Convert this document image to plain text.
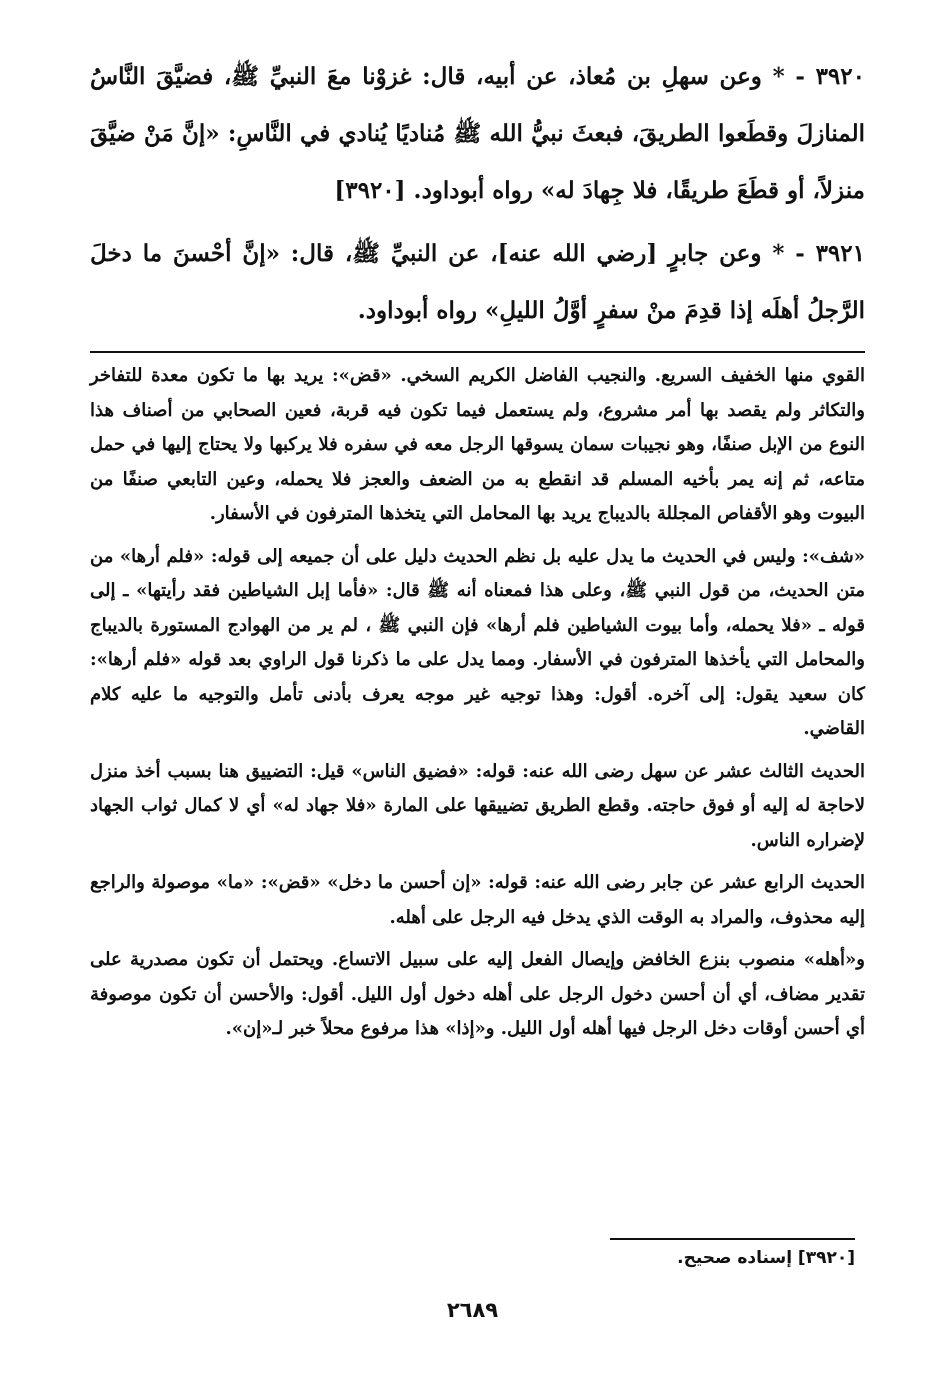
٣٩٢٠ - * وعن سهلِ بن مُعاذ، عن أبيه، قال: غزوْنا معَ النبيِّ ﷺ، فضيَّقَ النَّاسُ المنازلَ وقطَعوا الطريقَ، فبعثَ نبيُّ الله ﷺ مُناديًا يُنادي في النَّاسِ: «إنَّ مَنْ ضيَّقَ منزلاً، أو قطَعَ طريقًا، فلا جِهادَ له» رواه أبوداود. [٣٩٢٠]

٣٩٢١ - * وعن جابرٍ [رضي الله عنه]، عن النبيِّ ﷺ، قال: «إنَّ أحْسنَ ما دخلَ الرَّجلُ أهلَه إذا قدِمَ منْ سفرٍ أوَّلُ الليلِ» رواه أبوداود.

القوي منها الخفيف السريع. والنجيب الفاضل الكريم السخي. «قض»: يريد بها ما تكون معدة للتفاخر والتكاثر ولم يقصد بها أمر مشروع، ولم يستعمل فيما تكون فيه قربة، فعين الصحابي من أصناف هذا النوع من الإبل صنفًا، وهو نجيبات سمان يسوقها الرجل معه في سفره فلا يركبها ولا يحتاج إليها في حمل متاعه، ثم إنه يمر بأخيه المسلم قد انقطع به من الضعف والعجز فلا يحمله، وعين التابعي صنفًا من البيوت وهو الأقفاص المجللة بالديباج يريد بها المحامل التي يتخذها المترفون في الأسفار.

«شف»: وليس في الحديث ما يدل عليه بل نظم الحديث دليل على أن جميعه إلى قوله: «فلم أرها» من متن الحديث، من قول النبي ﷺ، وعلى هذا فمعناه أنه ﷺ قال: «فأما إبل الشياطين فقد رأيتها» ـ إلى قوله ـ «فلا يحمله، وأما بيوت الشياطين فلم أرها» فإن النبي ﷺ ، لم ير من الهوادج المستورة بالديباج والمحامل التي يأخذها المترفون في الأسفار. ومما يدل على ما ذكرنا قول الراوي بعد قوله «فلم أرها»: كان سعيد يقول: إلى آخره. أقول: وهذا توجيه غير موجه يعرف بأدنى تأمل والتوجيه ما عليه كلام القاضي.

الحديث الثالث عشر عن سهل رضى الله عنه: قوله: «فضيق الناس» قيل: التضييق هنا بسبب أخذ منزل لاحاجة له إليه أو فوق حاجته. وقطع الطريق تضييقها على المارة «فلا جهاد له» أي لا كمال ثواب الجهاد لإضراره الناس.

الحديث الرابع عشر عن جابر رضى الله عنه: قوله: «إن أحسن ما دخل» «قض»: «ما» موصولة والراجع إليه محذوف، والمراد به الوقت الذي يدخل فيه الرجل على أهله.

و«أهله» منصوب بنزع الخافض وإيصال الفعل إليه على سبيل الاتساع. ويحتمل أن تكون مصدرية على تقدير مضاف، أي أن أحسن دخول الرجل على أهله دخول أول الليل. أقول: والأحسن أن تكون موصوفة أي أحسن أوقات دخل الرجل فيها أهله أول الليل. و«إذا» هذا مرفوع محلاً خبر لـ«إن».

[٣٩٢٠] إسناده صحيح.
٢٦٨٩
